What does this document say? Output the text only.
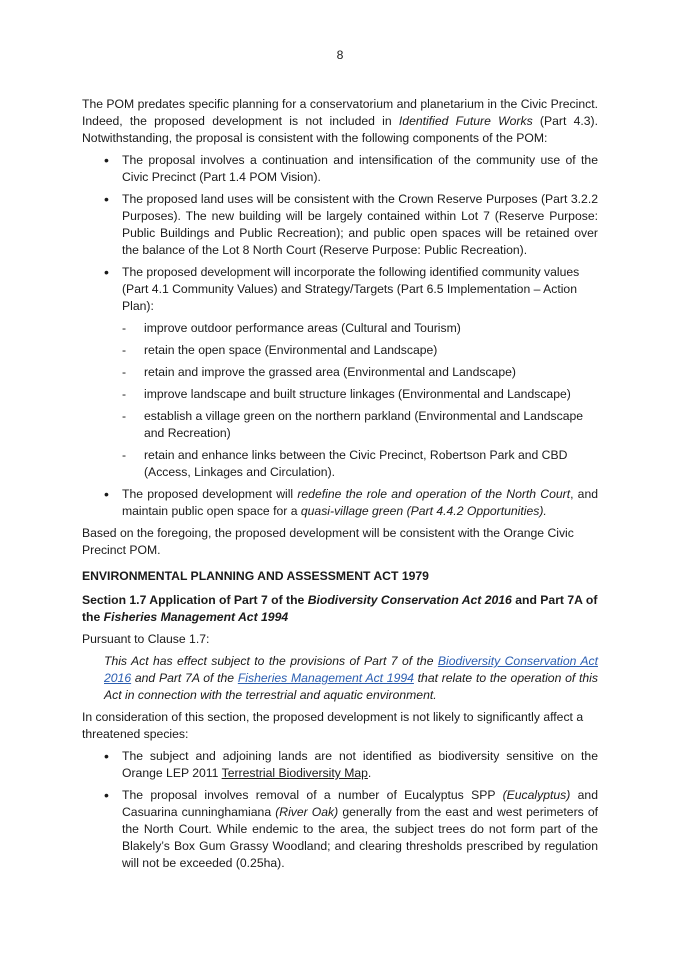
8

The POM predates specific planning for a conservatorium and planetarium in the Civic Precinct. Indeed, the proposed development is not included in Identified Future Works (Part 4.3). Notwithstanding, the proposal is consistent with the following components of the POM:

• The proposal involves a continuation and intensification of the community use of the Civic Precinct (Part 1.4 POM Vision).
• The proposed land uses will be consistent with the Crown Reserve Purposes (Part 3.2.2 Purposes). The new building will be largely contained within Lot 7 (Reserve Purpose: Public Buildings and Public Recreation); and public open spaces will be retained over the balance of the Lot 8 North Court (Reserve Purpose: Public Recreation).
• The proposed development will incorporate the following identified community values (Part 4.1 Community Values) and Strategy/Targets (Part 6.5 Implementation – Action Plan):
- improve outdoor performance areas (Cultural and Tourism)
- retain the open space (Environmental and Landscape)
- retain and improve the grassed area (Environmental and Landscape)
- improve landscape and built structure linkages (Environmental and Landscape)
- establish a village green on the northern parkland (Environmental and Landscape and Recreation)
- retain and enhance links between the Civic Precinct, Robertson Park and CBD (Access, Linkages and Circulation).
• The proposed development will redefine the role and operation of the North Court, and maintain public open space for a quasi-village green (Part 4.4.2 Opportunities).

Based on the foregoing, the proposed development will be consistent with the Orange Civic Precinct POM.

ENVIRONMENTAL PLANNING AND ASSESSMENT ACT 1979

Section 1.7 Application of Part 7 of the Biodiversity Conservation Act 2016 and Part 7A of the Fisheries Management Act 1994

Pursuant to Clause 1.7:

This Act has effect subject to the provisions of Part 7 of the Biodiversity Conservation Act 2016 and Part 7A of the Fisheries Management Act 1994 that relate to the operation of this Act in connection with the terrestrial and aquatic environment.

In consideration of this section, the proposed development is not likely to significantly affect a threatened species:

• The subject and adjoining lands are not identified as biodiversity sensitive on the Orange LEP 2011 Terrestrial Biodiversity Map.
• The proposal involves removal of a number of Eucalyptus SPP (Eucalyptus) and Casuarina cunninghamiana (River Oak) generally from the east and west perimeters of the North Court. While endemic to the area, the subject trees do not form part of the Blakely’s Box Gum Grassy Woodland; and clearing thresholds prescribed by regulation will not be exceeded (0.25ha).
